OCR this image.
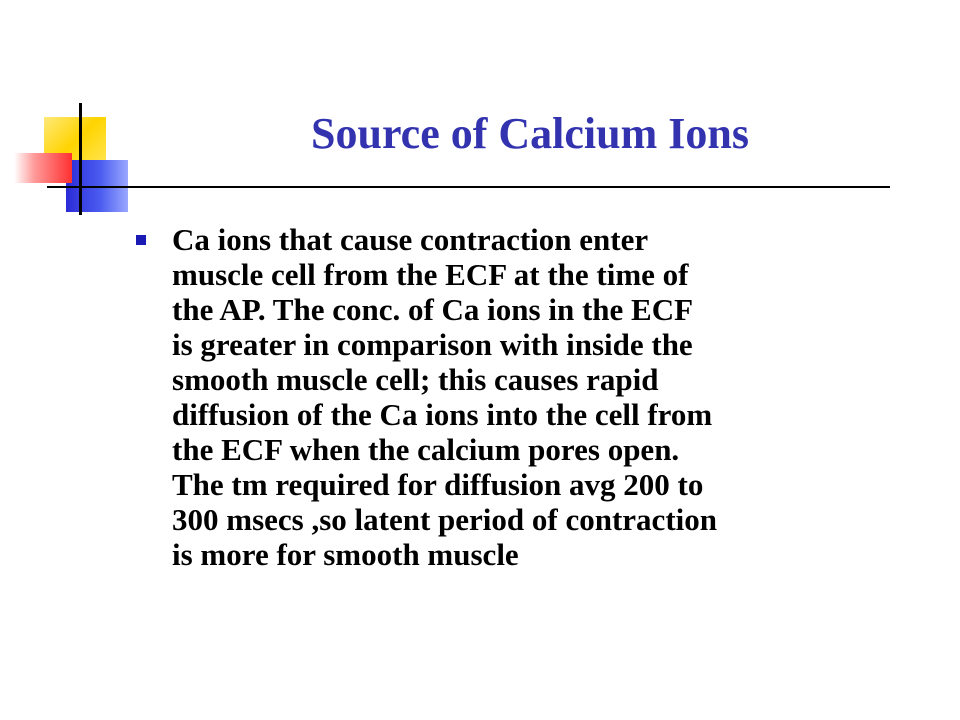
Source of Calcium Ions
Ca ions that cause contraction enter
muscle cell from the ECF at the time of
the AP. The conc. of Ca ions in the ECF
is greater in comparison with inside the
smooth muscle cell; this causes rapid
diffusion of the Ca ions into the cell from
the ECF when the calcium pores open.
The tm required for diffusion avg 200 to
300 msecs ,so latent period of contraction
is more for smooth muscle
